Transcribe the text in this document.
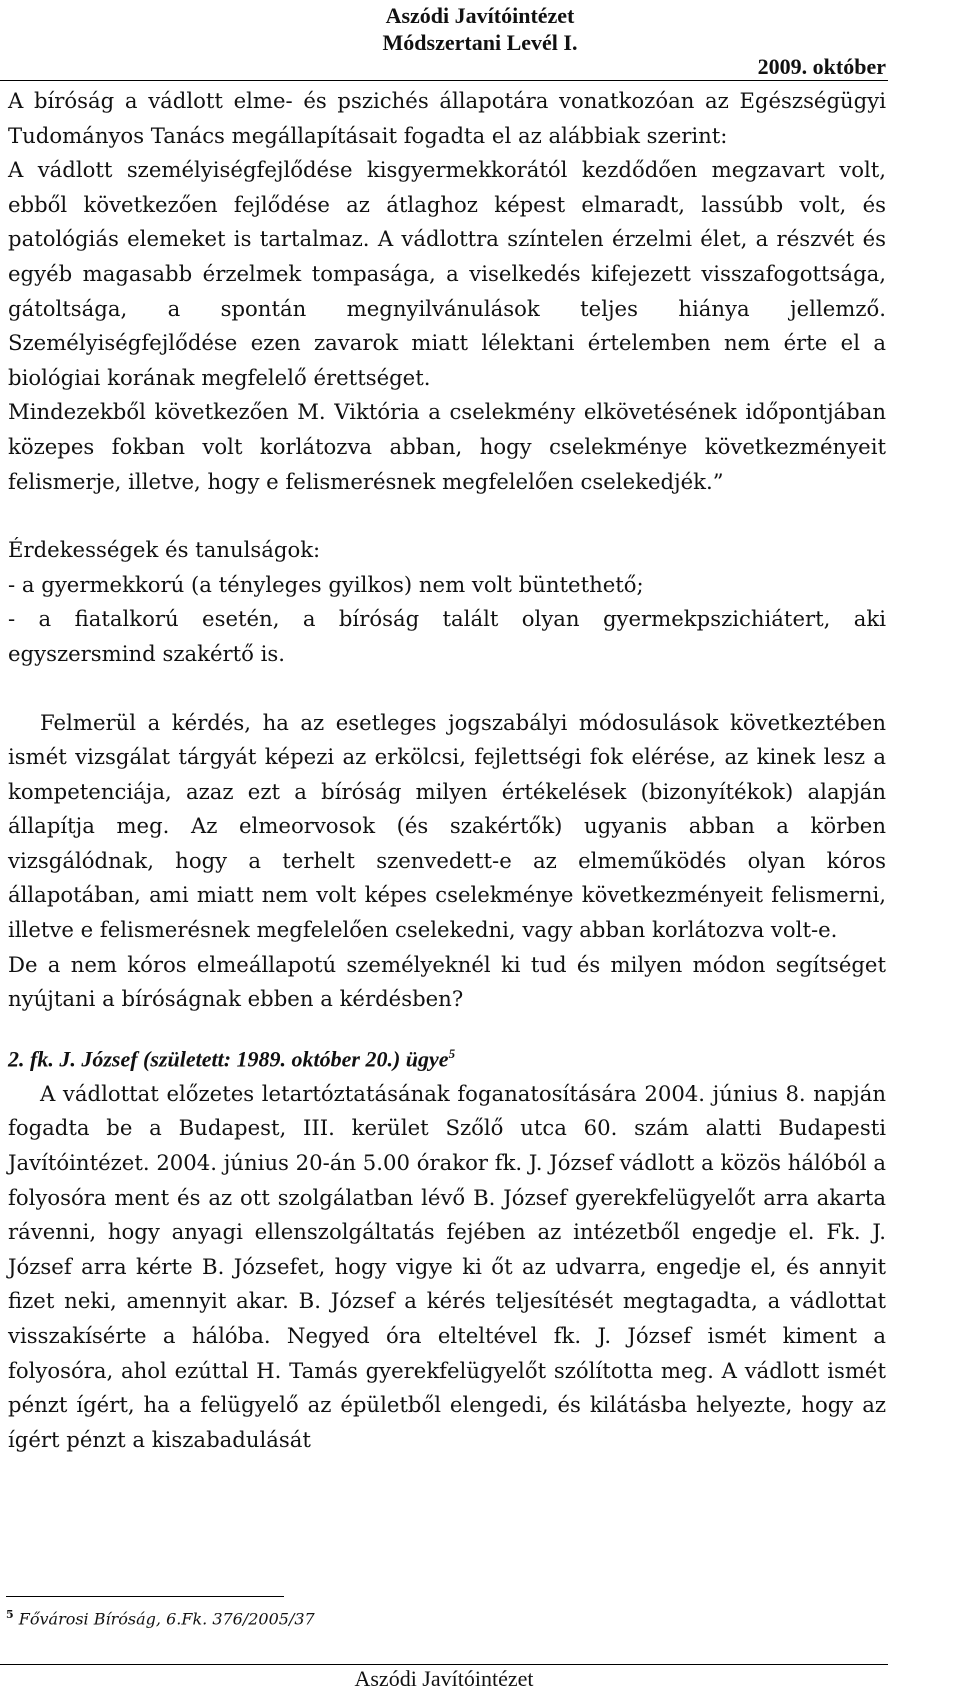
Aszódi Javítóintézet
Módszertani Levél I.
2009. október

A bíróság a vádlott elme- és pszichés állapotára vonatkozóan az Egészségügyi Tudományos Tanács megállapításait fogadta el az alábbiak szerint:

A vádlott személyiségfejlődése kisgyermekkorától kezdődően megzavart volt, ebből következően fejlődése az átlaghoz képest elmaradt, lassúbb volt, és patológiás elemeket is tartalmaz. A vádlottra színtelen érzelmi élet, a részvét és egyéb magasabb érzelmek tompasága, a viselkedés kifejezett visszafogottsága, gátoltsága, a spontán megnyilvánulások teljes hiánya jellemző. Személyiségfejlődése ezen zavarok miatt lélektani értelemben nem érte el a biológiai korának megfelelő érettséget.

Mindezekből következően M. Viktória a cselekmény elkövetésének időpontjában közepes fokban volt korlátozva abban, hogy cselekménye következményeit felismerje, illetve, hogy e felismerésnek megfelelően cselekedjék.”

Érdekességek és tanulságok:

- a gyermekkorú (a tényleges gyilkos) nem volt büntethető;

- a fiatalkorú esetén, a bíróság talált olyan gyermekpszichiátert, aki egyszersmind szakértő is.

Felmerül a kérdés, ha az esetleges jogszabályi módosulások következtében ismét vizsgálat tárgyát képezi az erkölcsi, fejlettségi fok elérése, az kinek lesz a kompetenciája, azaz ezt a bíróság milyen értékelések (bizonyítékok) alapján állapítja meg. Az elmeorvosok (és szakértők) ugyanis abban a körben vizsgálódnak, hogy a terhelt szenvedett-e az elmeműködés olyan kóros állapotában, ami miatt nem volt képes cselekménye következményeit felismerni, illetve e felismerésnek megfelelően cselekedni, vagy abban korlátozva volt-e.

De a nem kóros elmeállapotú személyeknél ki tud és milyen módon segítséget nyújtani a bíróságnak ebben a kérdésben?

2. fk. J. József (született: 1989. október 20.) ügye$^5$

A vádlottat előzetes letartóztatásának foganatosítására 2004. június 8. napján fogadta be a Budapest, III. kerület Szőlő utca 60. szám alatti Budapesti Javítóintézet. 2004. június 20-án 5.00 órakor fk. J. József vádlott a közös hálóból a folyosóra ment és az ott szolgálatban lévő B. József gyerekfelügyelőt arra akarta rávenni, hogy anyagi ellenszolgáltatás fejében az intézetből engedje el. Fk. J. József arra kérte B. Józsefet, hogy vigye ki őt az udvarra, engedje el, és annyit fizet neki, amennyit akar. B. József a kérés teljesítését megtagadta, a vádlottat visszakísérte a hálóba. Negyed óra elteltével fk. J. József ismét kiment a folyosóra, ahol ezúttal H. Tamás gyerekfelügyelőt szólította meg. A vádlott ismét pénzt ígért, ha a felügyelő az épületből elengedi, és kilátásba helyezte, hogy az ígért pénzt a kiszabadulását

$^5$ Fővárosi Bíróság, 6.Fk. 376/2005/37
Aszódi Javítóintézet
